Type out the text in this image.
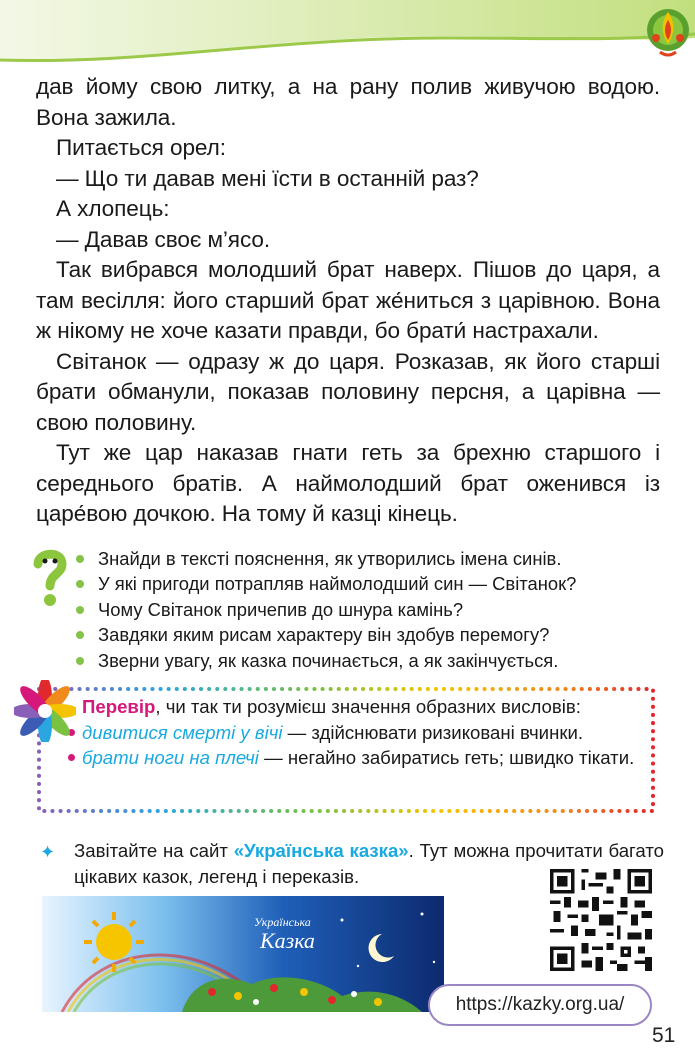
дав йому свою литку, а на рану полив живучою водою. Вона зажила.

Питається орел:

— Що ти давав мені їсти в останній раз?

А хлопець:

— Давав своє м’ясо.

Так вибрався молодший брат наверх. Пішов до царя, а там весілля: його старший брат же́ниться з царівною. Вона ж нікому не хоче казати правди, бо брати́ настрахали.

Світанок — одразу ж до царя. Розказав, як його старші брати обманули, показав половину персня, а царівна — свою половину.

Тут же цар наказав гнати геть за брехню старшого і середнього братів. А наймолодший брат оженився із царе́вою дочкою. На тому й казці кінець.

Знайди в тексті пояснення, як утворились імена синів.
У які пригоди потрапляв наймолодший син — Світанок?
Чому Світанок причепив до шнура камінь?
Завдяки яким рисам характеру він здобув перемогу?
Зверни увагу, як казка починається, а як закінчується.
Перевір, чи так ти розумієш значення образних висловів:
дивитися смерті у вічі — здійснювати ризиковані вчинки.
брати ноги на плечі — негайно забиратись геть; швидко тікати.
✦ Завітайте на сайт «Українська казка». Тут можна прочитати багато цікавих казок, легенд і переказів.
Українська
Казка
https://kazky.org.ua/
51
